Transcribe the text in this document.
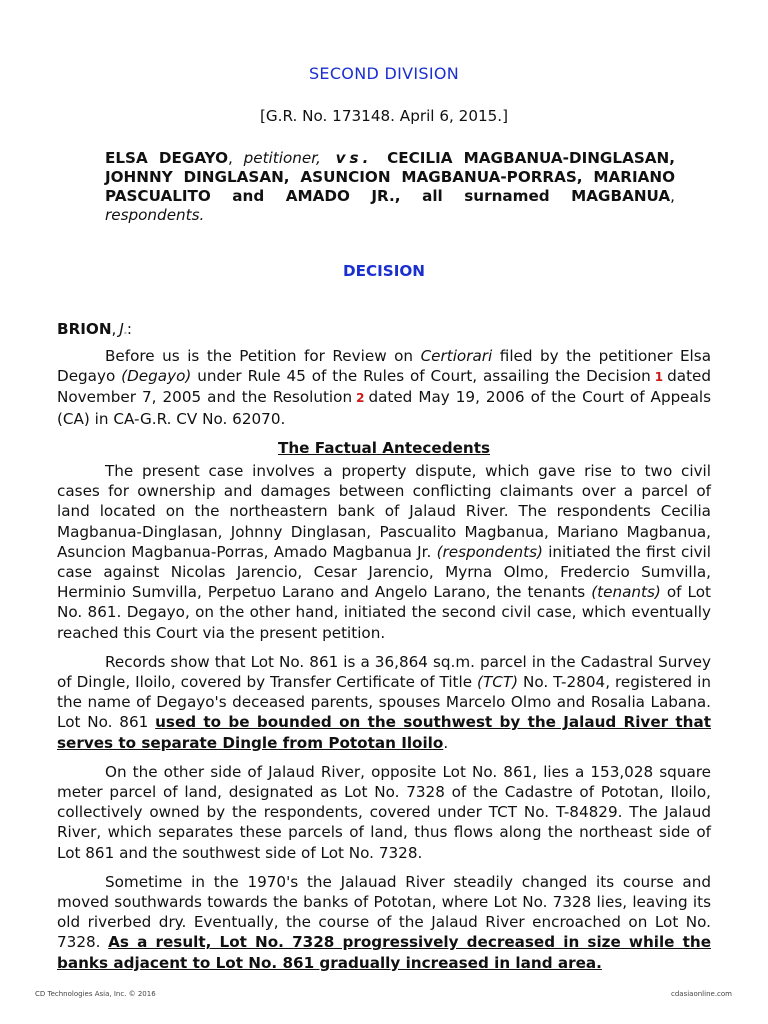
SECOND DIVISION
[G.R. No. 173148. April 6, 2015.]
ELSA DEGAYO, petitioner, vs. CECILIA MAGBANUA-DINGLASAN, JOHNNY DINGLASAN, ASUNCION MAGBANUA-PORRAS, MARIANO PASCUALITO and AMADO JR., all surnamed MAGBANUA, respondents.
DECISION
BRION, J*:

Before us is the Petition for Review on Certiorari filed by the petitioner Elsa Degayo (Degayo) under Rule 45 of the Rules of Court, assailing the Decision 1 dated November 7, 2005 and the Resolution 2 dated May 19, 2006 of the Court of Appeals (CA) in CA-G.R. CV No. 62070.

The Factual Antecedents

The present case involves a property dispute, which gave rise to two civil cases for ownership and damages between conflicting claimants over a parcel of land located on the northeastern bank of Jalaud River. The respondents Cecilia Magbanua-Dinglasan, Johnny Dinglasan, Pascualito Magbanua, Mariano Magbanua, Asuncion Magbanua-Porras, Amado Magbanua Jr. (respondents) initiated the first civil case against Nicolas Jarencio, Cesar Jarencio, Myrna Olmo, Fredercio Sumvilla, Herminio Sumvilla, Perpetuo Larano and Angelo Larano, the tenants (tenants) of Lot No. 861. Degayo, on the other hand, initiated the second civil case, which eventually reached this Court via the present petition.

Records show that Lot No. 861 is a 36,864 sq.m. parcel in the Cadastral Survey of Dingle, Iloilo, covered by Transfer Certificate of Title (TCT) No. T-2804, registered in the name of Degayo's deceased parents, spouses Marcelo Olmo and Rosalia Labana. Lot No. 861 used to be bounded on the southwest by the Jalaud River that serves to separate Dingle from Pototan Iloilo.

On the other side of Jalaud River, opposite Lot No. 861, lies a 153,028 square meter parcel of land, designated as Lot No. 7328 of the Cadastre of Pototan, Iloilo, collectively owned by the respondents, covered under TCT No. T-84829. The Jalaud River, which separates these parcels of land, thus flows along the northeast side of Lot 861 and the southwest side of Lot No. 7328.

Sometime in the 1970's the Jalauad River steadily changed its course and moved southwards towards the banks of Pototan, where Lot No. 7328 lies, leaving its old riverbed dry. Eventually, the course of the Jalaud River encroached on Lot No. 7328. As a result, Lot No. 7328 progressively decreased in size while the banks adjacent to Lot No. 861 gradually increased in land area.

CD Technologies Asia, Inc. © 2016	cdasiaonline.com
